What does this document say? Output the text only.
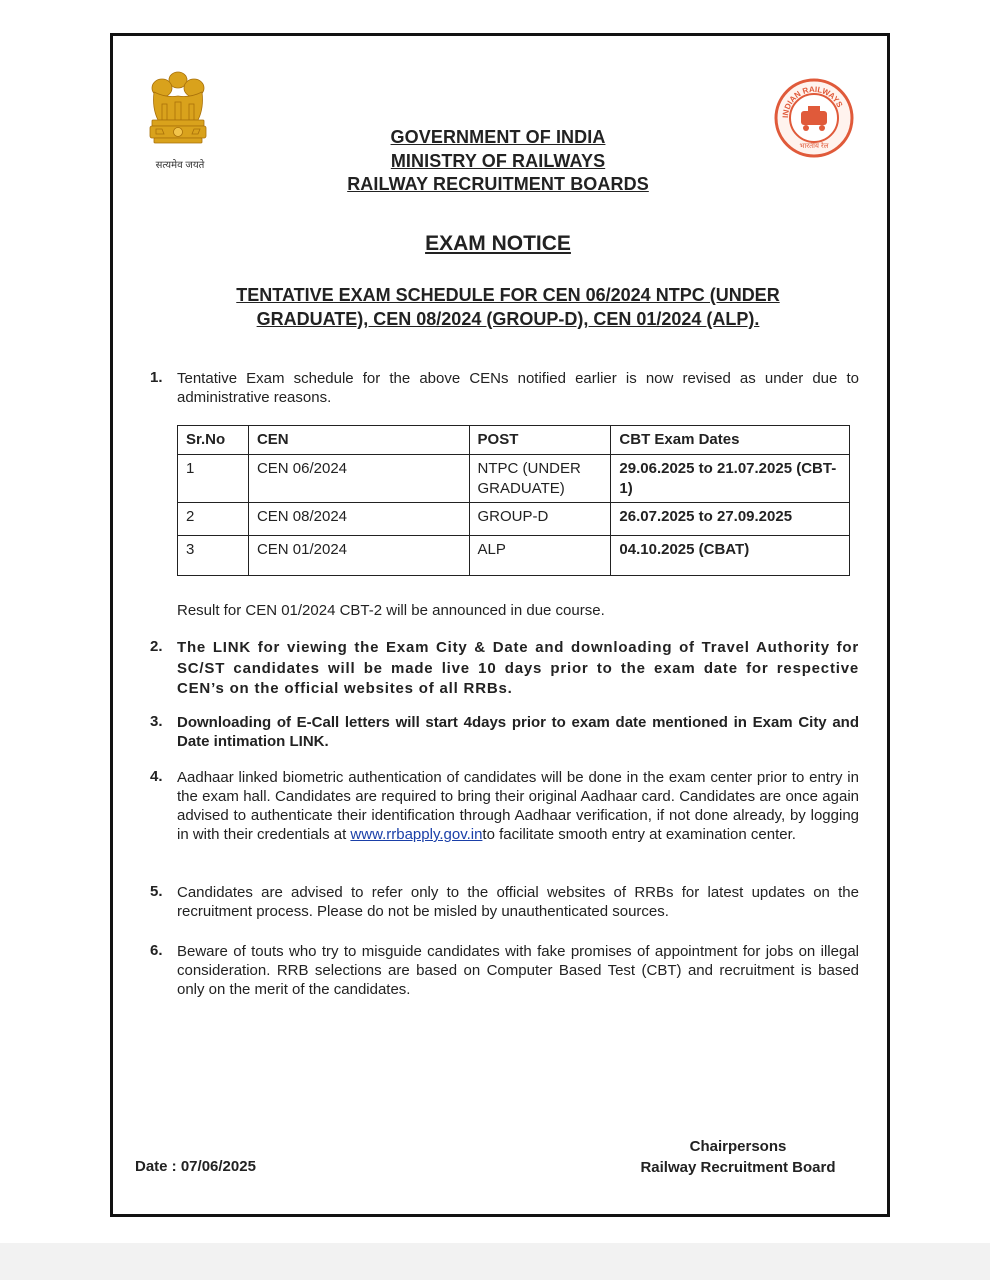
सत्यमेव जयते
INDIAN RAILWAYS
भारतीय रेल
GOVERNMENT OF INDIA
MINISTRY OF RAILWAYS
RAILWAY RECRUITMENT BOARDS
EXAM NOTICE
TENTATIVE EXAM SCHEDULE FOR CEN 06/2024 NTPC (UNDER
GRADUATE), CEN 08/2024 (GROUP-D), CEN 01/2024 (ALP).
1. Tentative Exam schedule for the above CENs notified earlier is now revised as under due to administrative reasons.
Sr.No	CEN	POST	CBT Exam Dates
1	CEN 06/2024	NTPC (UNDER GRADUATE)	29.06.2025 to 21.07.2025 (CBT-1)
2	CEN 08/2024	GROUP-D	26.07.2025 to 27.09.2025
3	CEN 01/2024	ALP	04.10.2025 (CBAT)
Result for CEN 01/2024 CBT-2 will be announced in due course.
2. The LINK for viewing the Exam City & Date and downloading of Travel Authority for SC/ST candidates will be made live 10 days prior to the exam date for respective CEN’s on the official websites of all RRBs.
3. Downloading of E-Call letters will start 4days prior to exam date mentioned in Exam City and Date intimation LINK.
4. Aadhaar linked biometric authentication of candidates will be done in the exam center prior to entry in the exam hall. Candidates are required to bring their original Aadhaar card. Candidates are once again advised to authenticate their identification through Aadhaar verification, if not done already, by logging in with their credentials at www.rrbapply.gov.into facilitate smooth entry at examination center.
5. Candidates are advised to refer only to the official websites of RRBs for latest updates on the recruitment process. Please do not be misled by unauthenticated sources.
6. Beware of touts who try to misguide candidates with fake promises of appointment for jobs on illegal consideration. RRB selections are based on Computer Based Test (CBT) and recruitment is based only on the merit of the candidates.
Chairpersons
Railway Recruitment Board
Date : 07/06/2025
